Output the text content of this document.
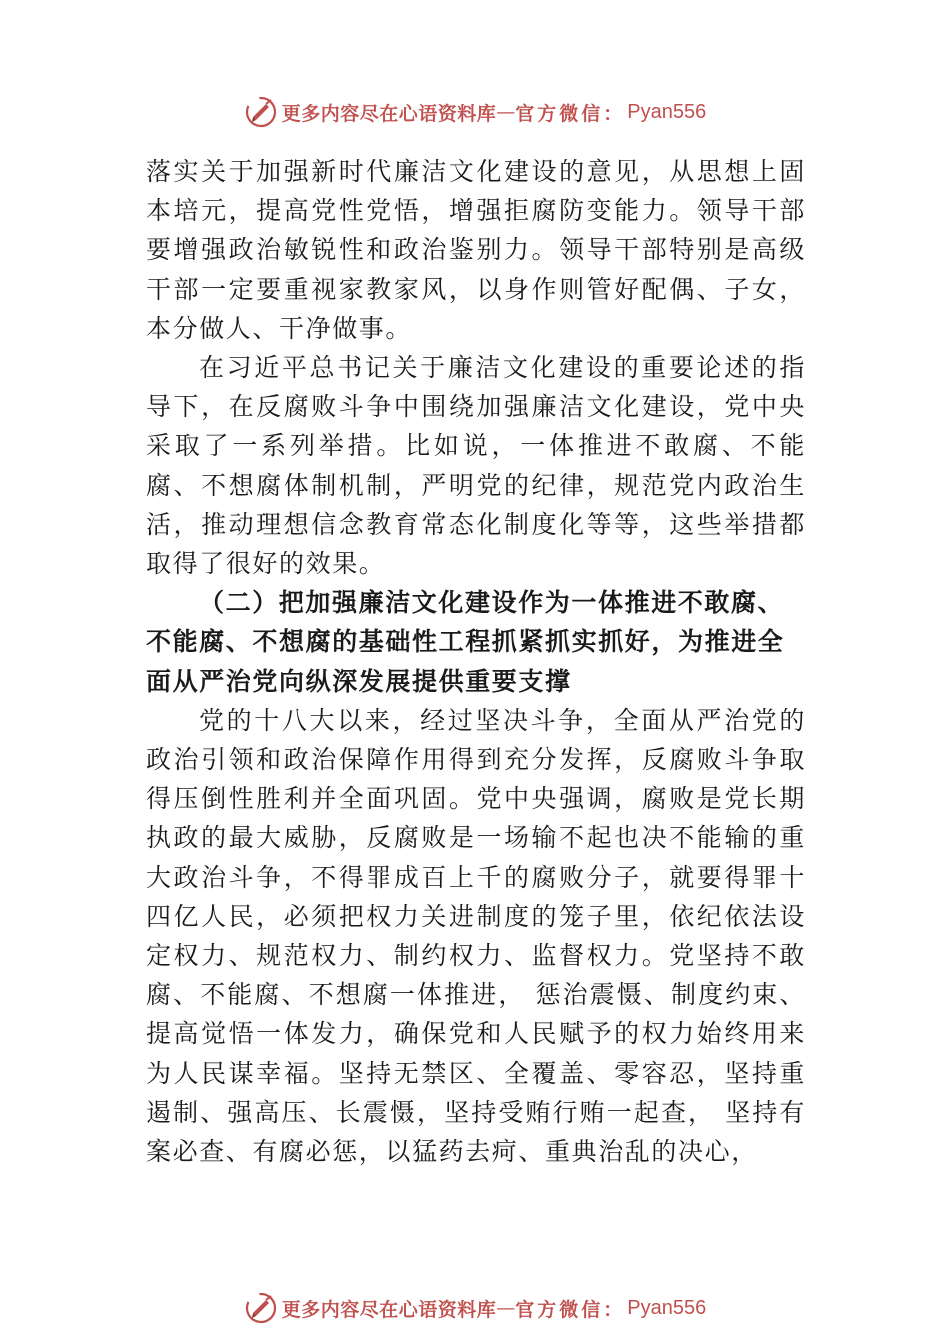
更多内容尽在心语资料库 — 官方微信： Pyan556

落实关于加强新时代廉洁文化建设的意见，从思想上固本培元，提高党性党悟，增强拒腐防变能力。领导干部要增强政治敏锐性和政治鉴别力。领导干部特别是高级干部一定要重视家教家风，以身作则管好配偶、子女，本分做人、干净做事。

在习近平总书记关于廉洁文化建设的重要论述的指导下，在反腐败斗争中围绕加强廉洁文化建设，党中央采取了一系列举措。比如说，一体推进不敢腐、不能腐、不想腐体制机制，严明党的纪律，规范党内政治生活，推动理想信念教育常态化制度化等等，这些举措都取得了很好的效果。

（二）把加强廉洁文化建设作为一体推进不敢腐、不能腐、不想腐的基础性工程抓紧抓实抓好，为推进全面从严治党向纵深发展提供重要支撑

党的十八大以来，经过坚决斗争，全面从严治党的政治引领和政治保障作用得到充分发挥，反腐败斗争取得压倒性胜利并全面巩固。党中央强调，腐败是党长期执政的最大威胁，反腐败是一场输不起也决不能输的重大政治斗争，不得罪成百上千的腐败分子，就要得罪十四亿人民，必须把权力关进制度的笼子里，依纪依法设定权力、规范权力、制约权力、监督权力。党坚持不敢腐、不能腐、不想腐一体推进， 惩治震慑、制度约束、提高觉悟一体发力，确保党和人民赋予的权力始终用来为人民谋幸福。坚持无禁区、全覆盖、零容忍，坚持重遏制、强高压、长震慑，坚持受贿行贿一起查， 坚持有案必查、有腐必惩，以猛药去疴、重典治乱的决心，

更多内容尽在心语资料库 — 官方微信： Pyan556
